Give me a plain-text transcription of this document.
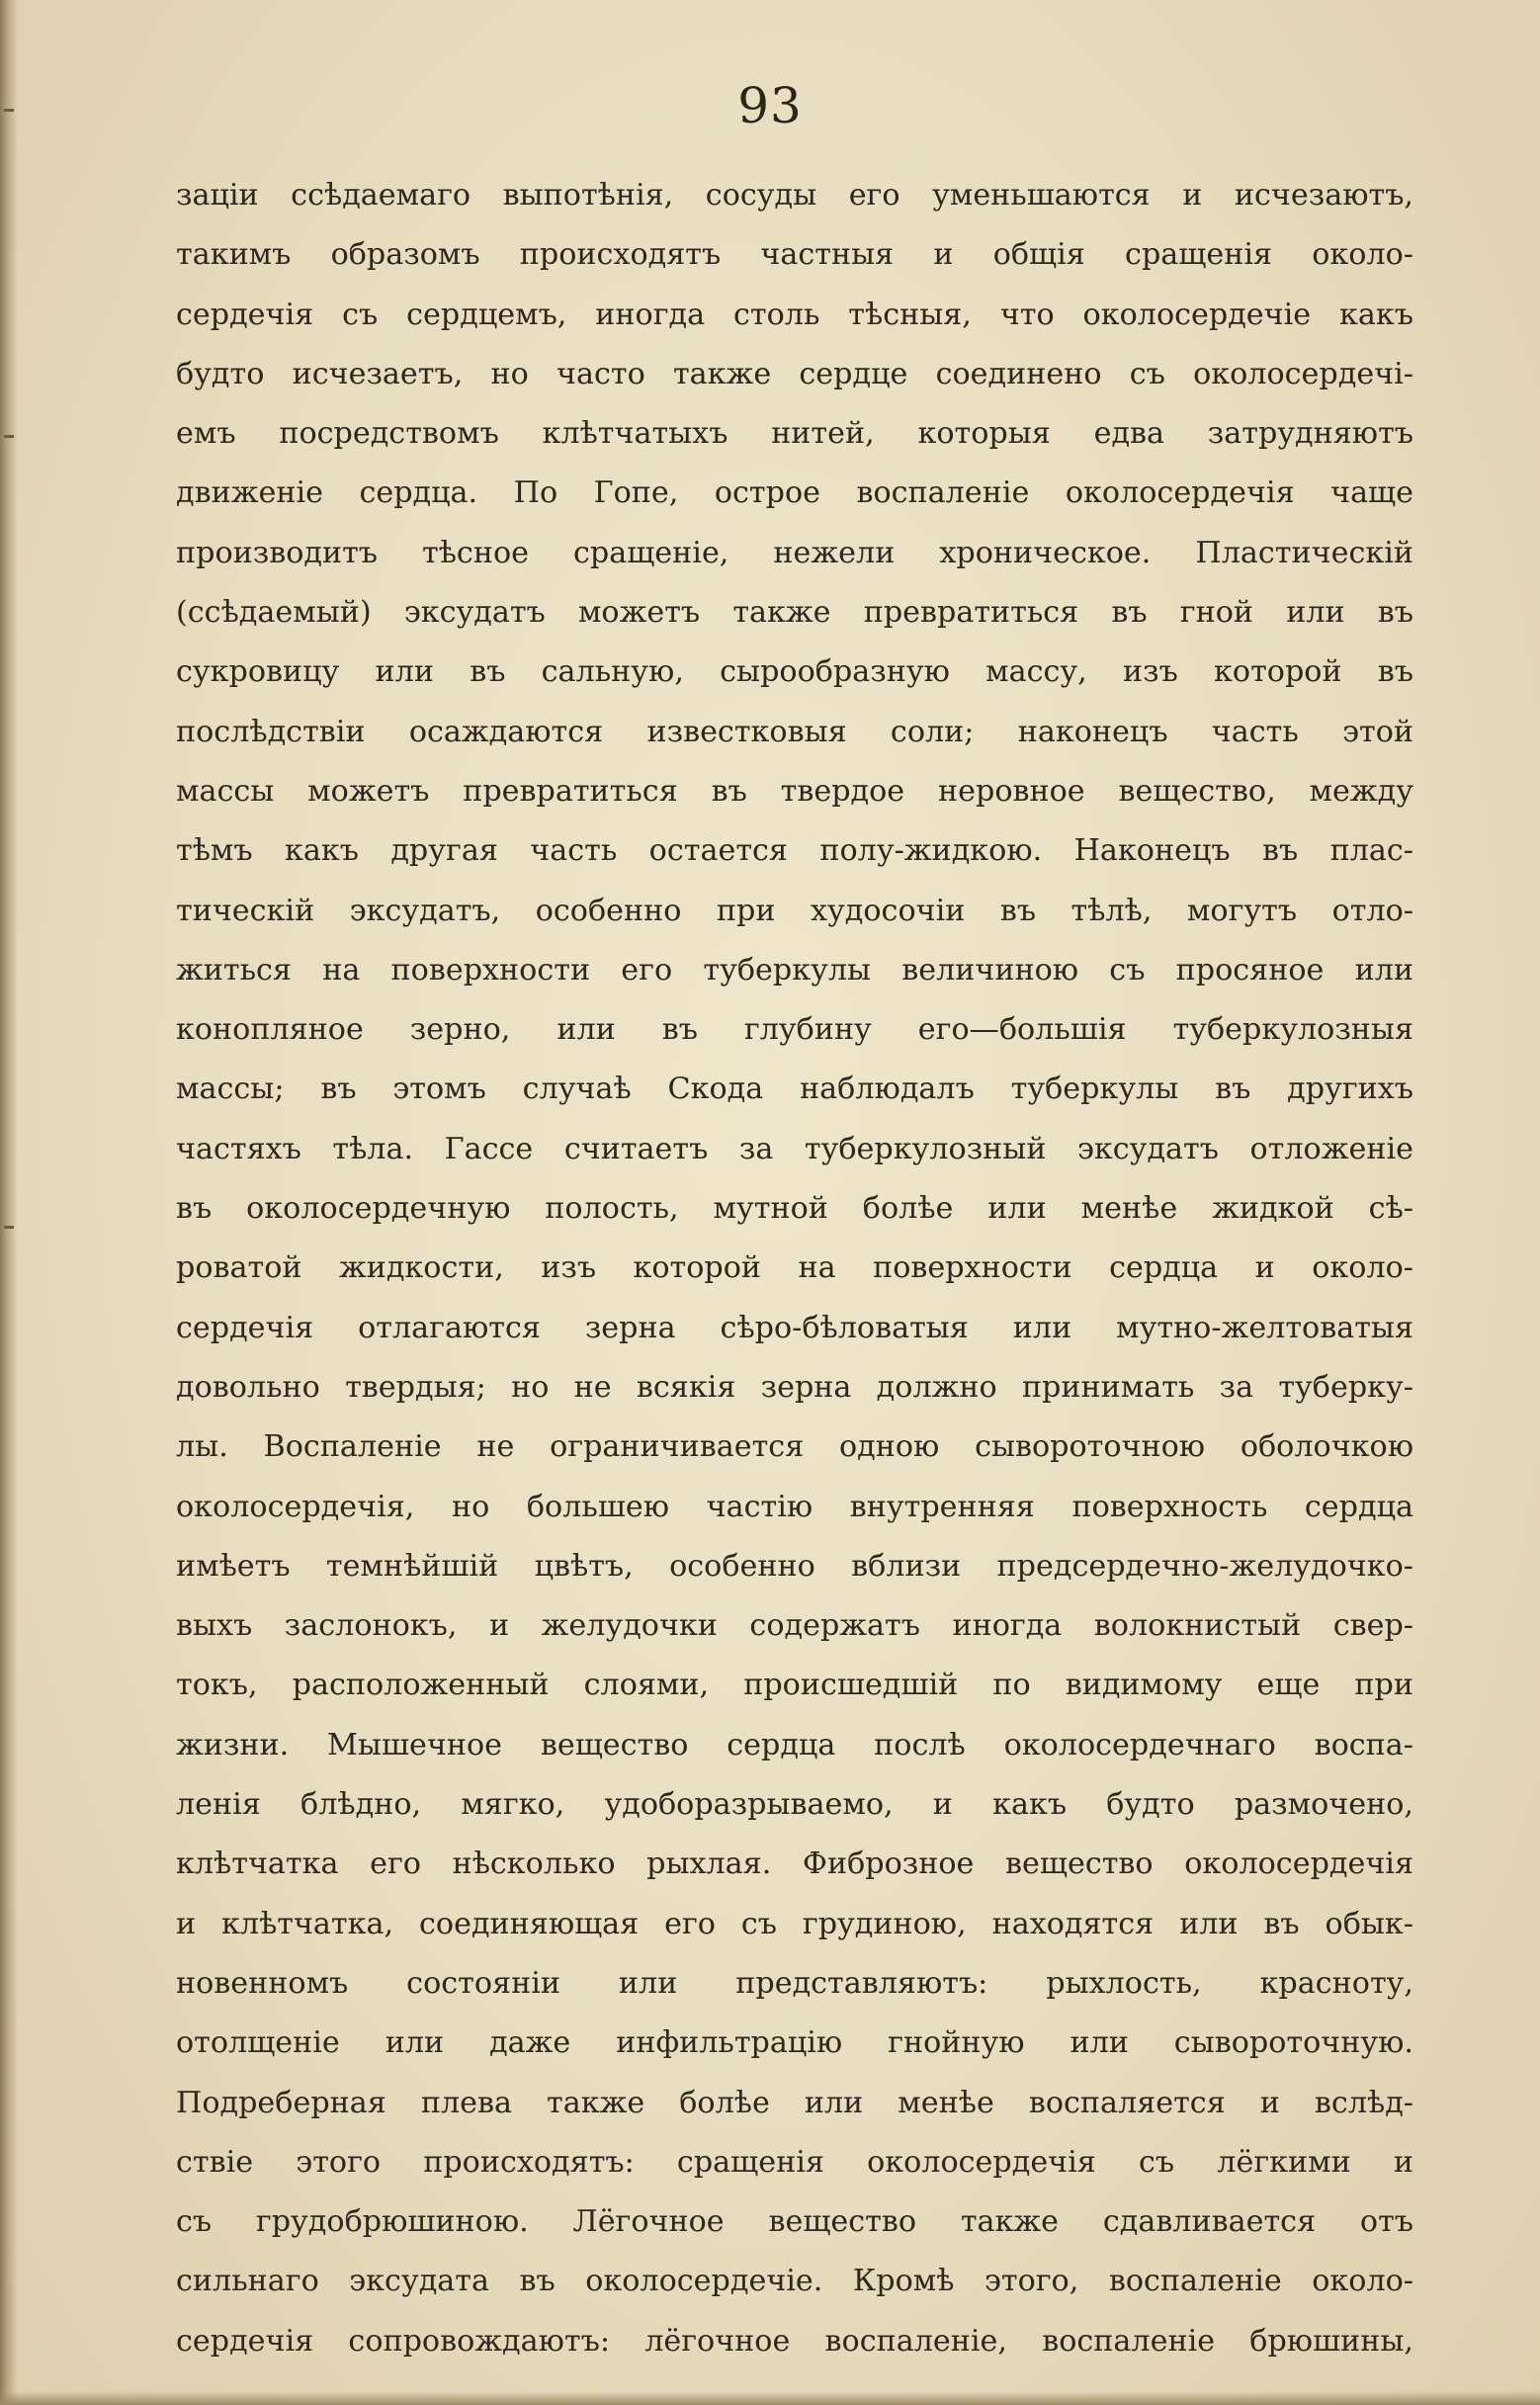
93
заціи ссѣдаемаго выпотѣнія, сосуды его уменьшаются и исчезаютъ,
такимъ образомъ происходятъ частныя и общія сращенія около-
сердечія съ сердцемъ, иногда столь тѣсныя, что околосердечіе какъ
будто исчезаетъ, но часто также сердце соединено съ околосердечі-
емъ посредствомъ клѣтчатыхъ нитей, которыя едва затрудняютъ
движеніе сердца. По Гопе, острое воспаленіе околосердечія чаще
производитъ тѣсное сращеніе, нежели хроническое. Пластическій
(ссѣдаемый) эксудатъ можетъ также превратиться въ гной или въ
сукровицу или въ сальную, сырообразную массу, изъ которой въ
послѣдствіи осаждаются известковыя соли; наконецъ часть этой
массы можетъ превратиться въ твердое неровное вещество, между
тѣмъ какъ другая часть остается полу-жидкою. Наконецъ въ плас-
тическій эксудатъ, особенно при худосочіи въ тѣлѣ, могутъ отло-
житься на поверхности его туберкулы величиною съ просяное или
конопляное зерно, или въ глубину его—большія туберкулозныя
массы; въ этомъ случаѣ Скода наблюдалъ туберкулы въ другихъ
частяхъ тѣла. Гассе считаетъ за туберкулозный эксудатъ отложеніе
въ околосердечную полость, мутной болѣе или менѣе жидкой сѣ-
роватой жидкости, изъ которой на поверхности сердца и около-
сердечія отлагаются зерна сѣро-бѣловатыя или мутно-желтоватыя
довольно твердыя; но не всякія зерна должно принимать за туберку-
лы. Воспаленіе не ограничивается одною сывороточною оболочкою
околосердечія, но большею частію внутренняя поверхность сердца
имѣетъ темнѣйшій цвѣтъ, особенно вблизи предсердечно-желудочко-
выхъ заслонокъ, и желудочки содержатъ иногда волокнистый свер-
токъ, расположенный слоями, происшедшій по видимому еще при
жизни. Мышечное вещество сердца послѣ околосердечнаго воспа-
ленія блѣдно, мягко, удоборазрываемо, и какъ будто размочено,
клѣтчатка его нѣсколько рыхлая. Фиброзное вещество околосердечія
и клѣтчатка, соединяющая его съ грудиною, находятся или въ обык-
новенномъ состояніи или представляютъ: рыхлость, красноту,
отолщеніе или даже инфильтрацію гнойную или сывороточную.
Подреберная плева также болѣе или менѣе воспаляется и вслѣд-
ствіе этого происходятъ: сращенія околосердечія съ лёгкими и
съ грудобрюшиною. Лёгочное вещество также сдавливается отъ
сильнаго эксудата въ околосердечіе. Кромѣ этого, воспаленіе около-
сердечія сопровождаютъ: лёгочное воспаленіе, воспаленіе брюшины,
